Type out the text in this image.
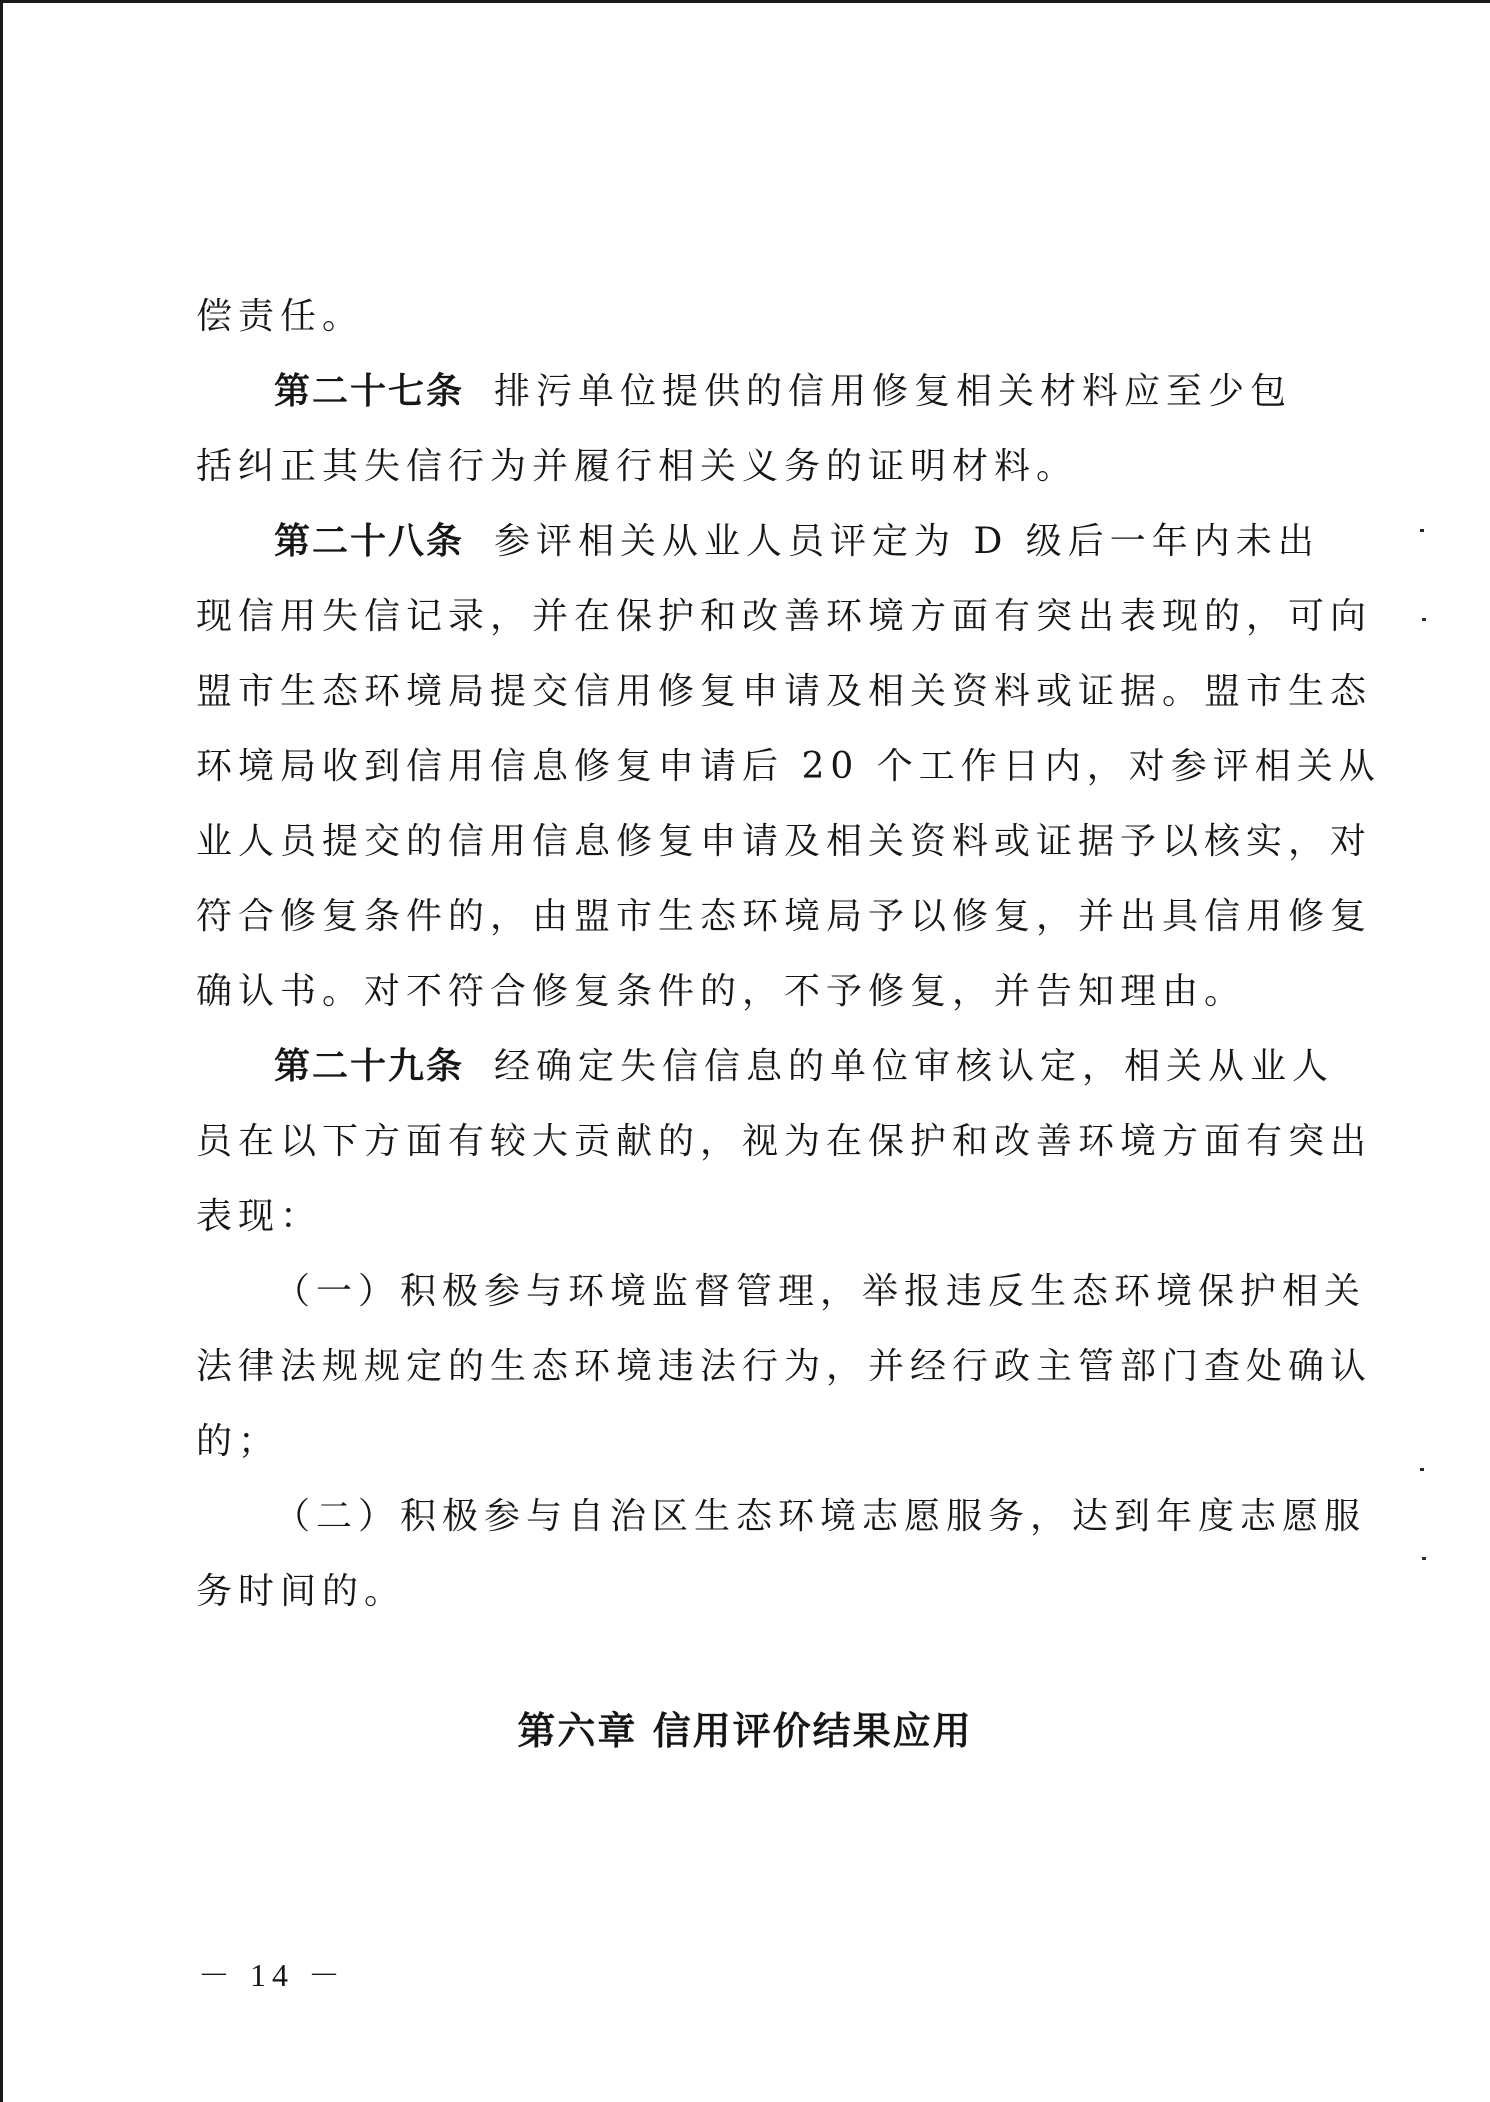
偿责任。
第二十七条 排污单位提供的信用修复相关材料应至少包
括纠正其失信行为并履行相关义务的证明材料。
第二十八条 参评相关从业人员评定为 D 级后一年内未出
现信用失信记录，并在保护和改善环境方面有突出表现的，可向
盟市生态环境局提交信用修复申请及相关资料或证据。盟市生态
环境局收到信用信息修复申请后 20 个工作日内，对参评相关从
业人员提交的信用信息修复申请及相关资料或证据予以核实，对
符合修复条件的，由盟市生态环境局予以修复，并出具信用修复
确认书。对不符合修复条件的，不予修复，并告知理由。
第二十九条 经确定失信信息的单位审核认定，相关从业人
员在以下方面有较大贡献的，视为在保护和改善环境方面有突出
表现：
（一）积极参与环境监督管理，举报违反生态环境保护相关
法律法规规定的生态环境违法行为，并经行政主管部门查处确认
的；
（二）积极参与自治区生态环境志愿服务，达到年度志愿服
务时间的。
第六章 信用评价结果应用
－ 14 －
